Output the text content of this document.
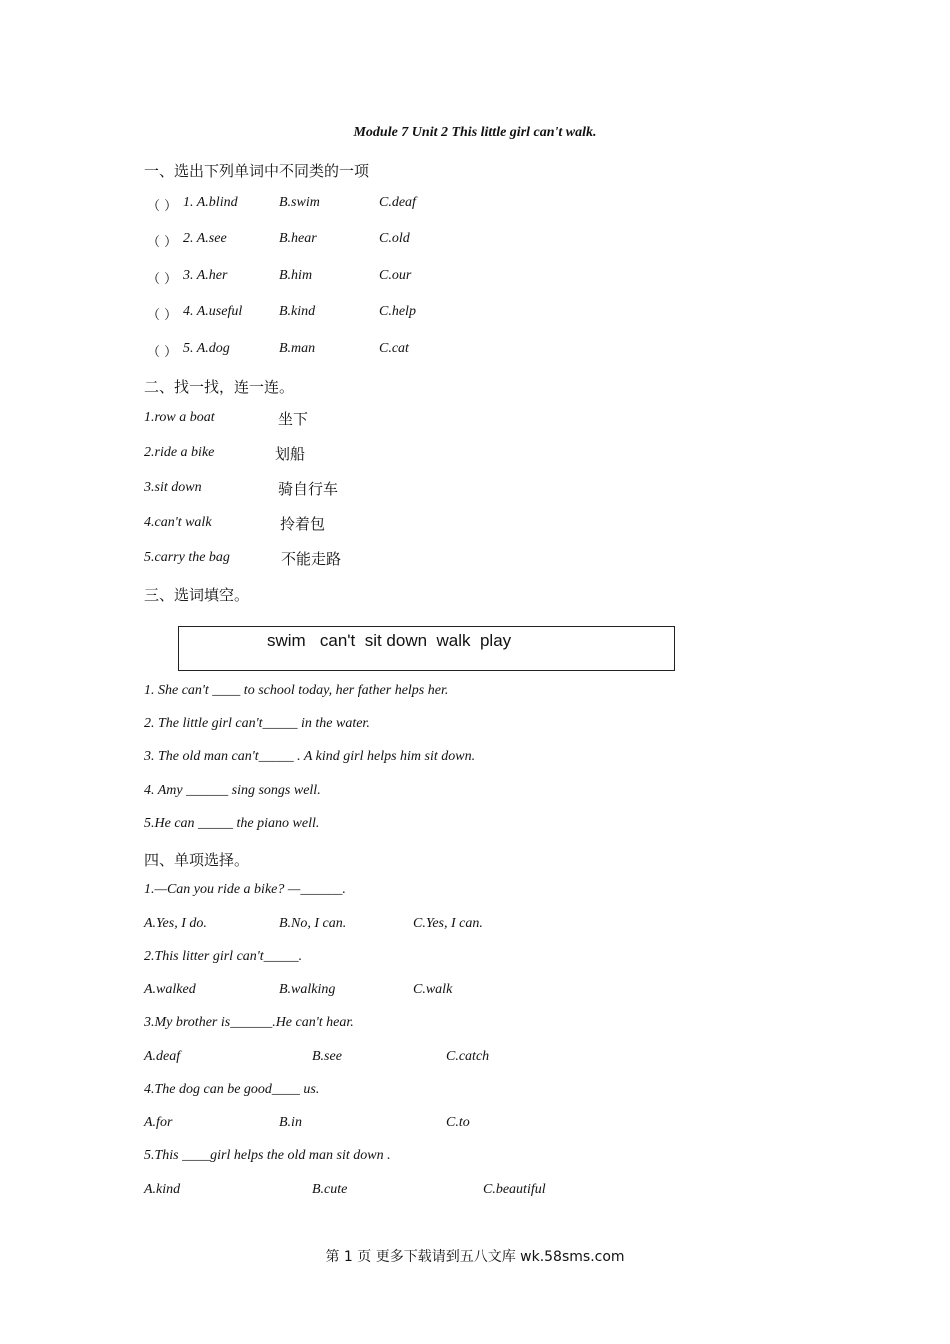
Module 7 Unit 2 This little girl can't walk.
一、选出下列单词中不同类的一项
（ ） 1. A.blind	B.swim	C.deaf
（ ） 2. A.see	B.hear	C.old
（ ） 3. A.her	B.him	C.our
（ ） 4. A.useful	B.kind	C.help
（ ） 5. A.dog	B.man	C.cat
二、找一找，连一连。
1.row a boat	坐下
2.ride a bike	划船
3.sit down	骑自行车
4.can't walk	拎着包
5.carry the bag	不能走路
三、选词填空。
swim   can't  sit down  walk  play
1. She can't ____ to school today, her father helps her.
2. The little girl can't_____ in the water.
3. The old man can't_____ . A kind girl helps him sit down.
4. Amy ______ sing songs well.
5.He can _____ the piano well.
四、单项选择。
1.—Can you ride a bike? —______.
A.Yes, I do.	B.No, I can.	C.Yes, I can.
2.This litter girl can't_____.
A.walked	B.walking	C.walk
3.My brother is______.He can't hear.
A.deaf	B.see	C.catch
4.The dog can be good____ us.
A.for	B.in	C.to
5.This ____girl helps the old man sit down .
A.kind	B.cute	C.beautiful
第 1 页 更多下载请到五八文库 wk.58sms.com
